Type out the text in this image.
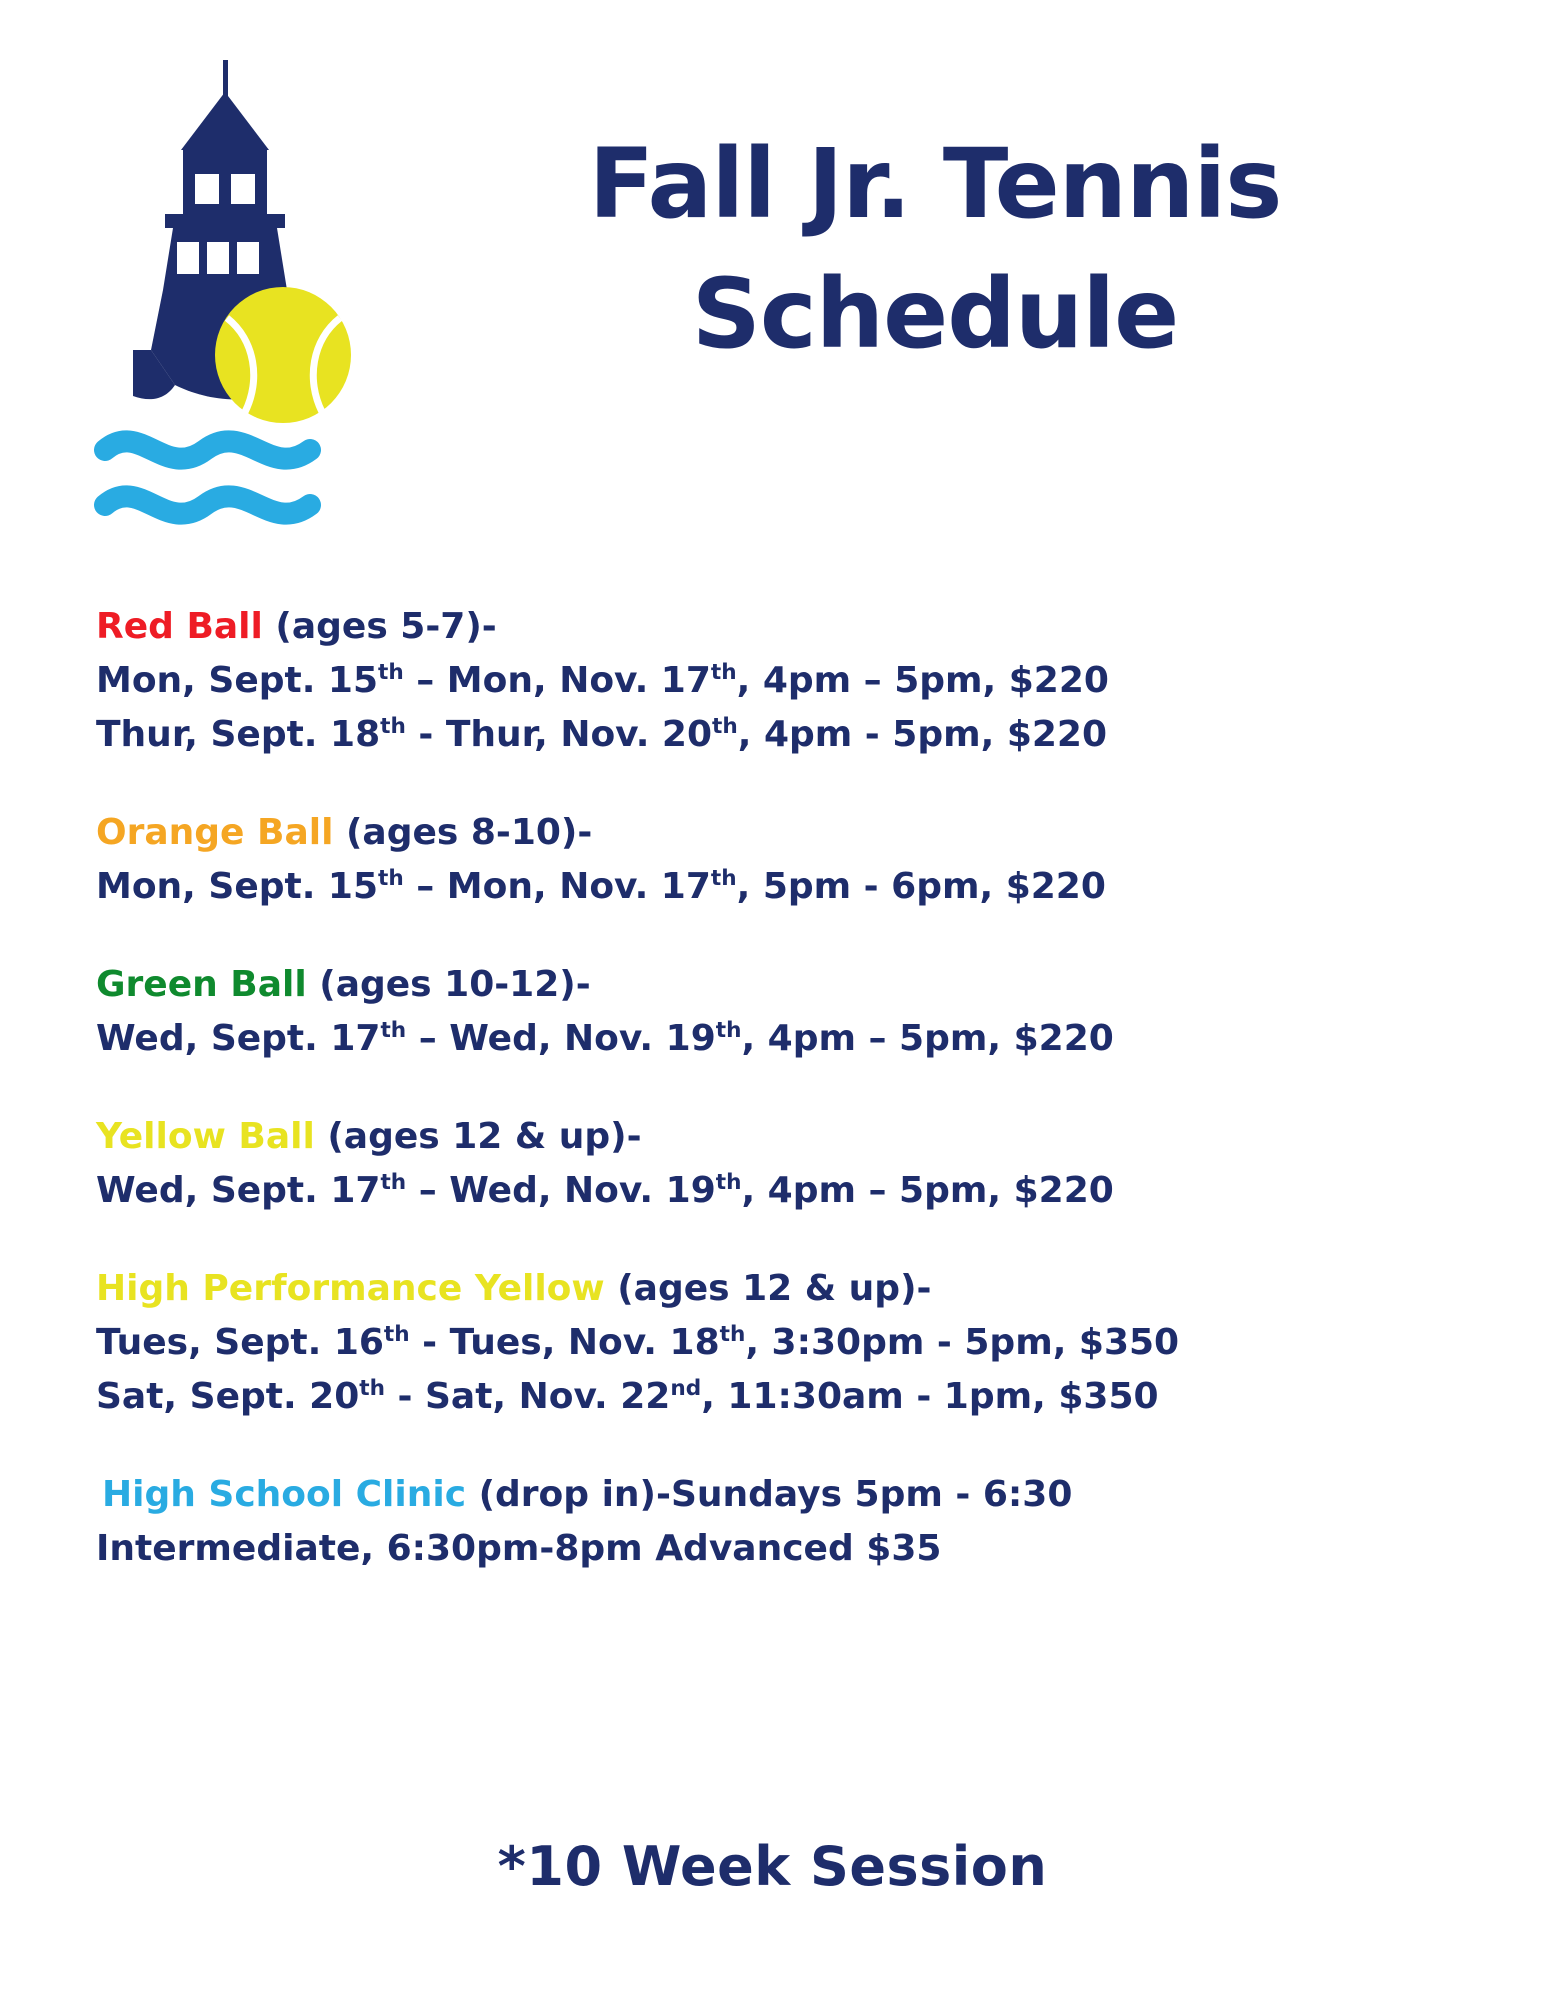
Fall Jr. Tennis
Schedule
Red Ball (ages 5-7)-
Mon, Sept. 15th – Mon, Nov. 17th, 4pm – 5pm, $220
Thur, Sept. 18th - Thur, Nov. 20th, 4pm - 5pm, $220
Orange Ball (ages 8-10)-
Mon, Sept. 15th – Mon, Nov. 17th, 5pm - 6pm, $220
Green Ball (ages 10-12)-
Wed, Sept. 17th – Wed, Nov. 19th, 4pm – 5pm, $220
Yellow Ball (ages 12 & up)-
Wed, Sept. 17th – Wed, Nov. 19th, 4pm – 5pm, $220
High Performance Yellow (ages 12 & up)-
Tues, Sept. 16th - Tues, Nov. 18th, 3:30pm - 5pm, $350
Sat, Sept. 20th - Sat, Nov. 22nd, 11:30am - 1pm, $350
High School Clinic (drop in)-Sundays 5pm - 6:30
Intermediate, 6:30pm-8pm Advanced $35
*10 Week Session
